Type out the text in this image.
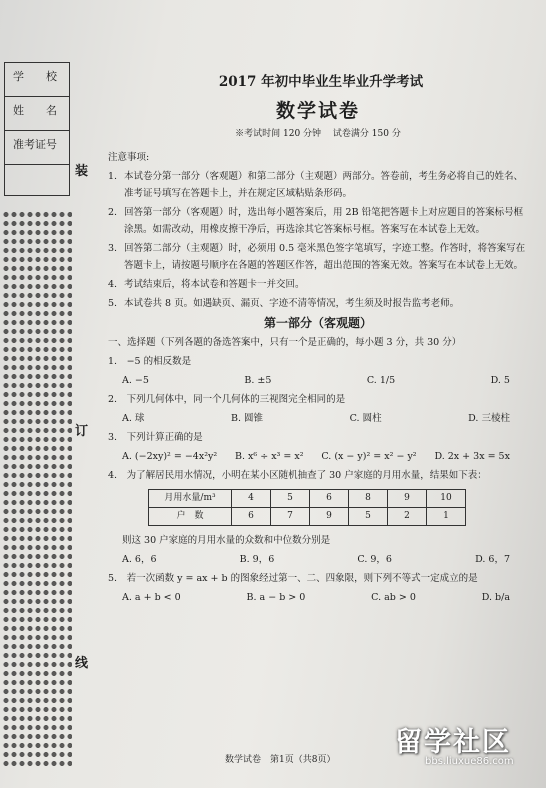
学　　校
姓　　名
准考证号
装
订
线
2017 年初中毕业生毕业升学考试
数学试卷
※考试时间 120 分钟　 试卷满分 150 分
注意事项:
1. 本试卷分第一部分（客观题）和第二部分（主观题）两部分。答卷前，考生务必将自己的姓名、准考证号填写在答题卡上，并在规定区域粘贴条形码。
2. 回答第一部分（客观题）时，选出每小题答案后，用 2B 铅笔把答题卡上对应题目的答案标号框涂黑。如需改动，用橡皮擦干净后，再选涂其它答案标号框。答案写在本试卷上无效。
3. 回答第二部分（主观题）时，必须用 0.5 毫米黑色签字笔填写，字迹工整。作答时，将答案写在答题卡上，请按题号顺序在各题的答题区作答，超出范围的答案无效。答案写在本试卷上无效。
4. 考试结束后，将本试卷和答题卡一并交回。
5. 本试卷共 8 页。如遇缺页、漏页、字迹不清等情况，考生须及时报告监考老师。
第一部分（客观题）
一、选择题（下列各题的备选答案中，只有一个是正确的，每小题 3 分，共 30 分）
1.　−5 的相反数是
A. −5	B. ±5	C. 1/5	D. 5
2.　下列几何体中，同一个几何体的三视图完全相同的是
A. 球	B. 圆锥	C. 圆柱	D. 三棱柱
3.　下列计算正确的是
A. (−2xy)² = −4x²y² B. x⁶ ÷ x³ = x² C. (x − y)² = x² − y² D. 2x + 3x = 5x
4.　为了解居民用水情况，小明在某小区随机抽查了 30 户家庭的月用水量，结果如下表：
月用水量/m³	4	5	6	8	9	10
户　数	6	7	9	5	2	1
则这 30 户家庭的月用水量的众数和中位数分别是
A. 6，6	B. 9，6	C. 9，6	D. 6，7
5.　若一次函数 y = ax + b 的图象经过第一、二、四象限，则下列不等式一定成立的是
A. a + b < 0	B. a − b > 0	C. ab > 0	D. b/a
数学试卷　第1页（共8页）
留学社区
bbs.liuxue86.com
